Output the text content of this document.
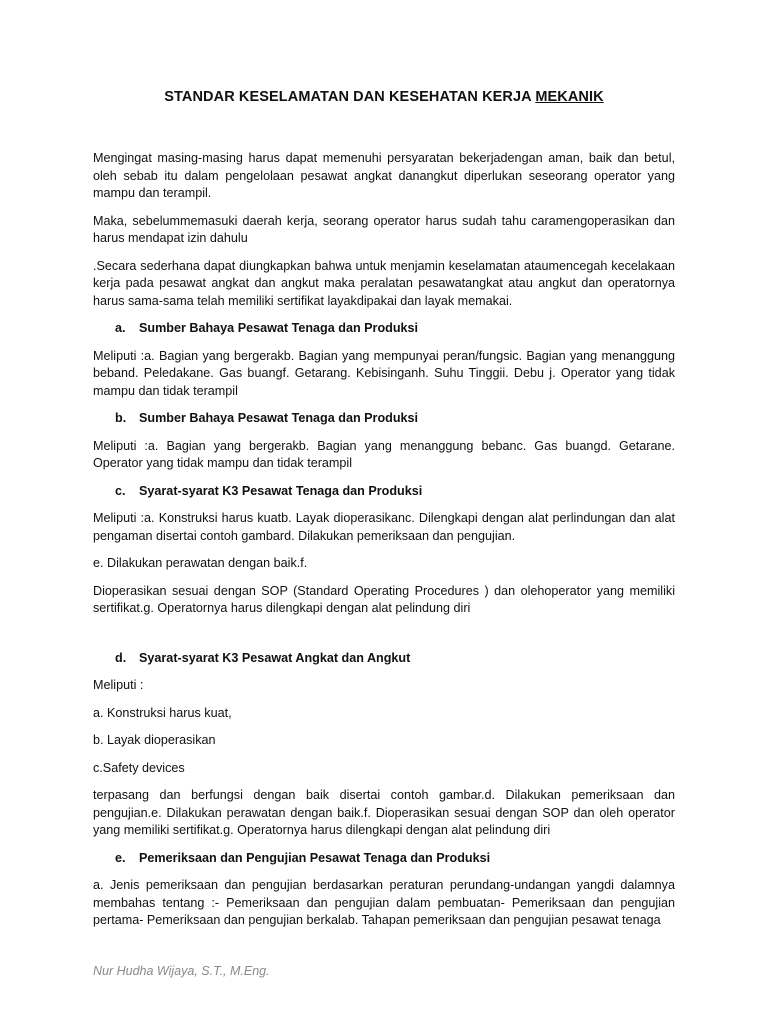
STANDAR KESELAMATAN DAN KESEHATAN KERJA MEKANIK

Mengingat masing-masing harus dapat memenuhi persyaratan bekerjadengan aman, baik dan betul, oleh sebab itu dalam pengelolaan pesawat angkat danangkut diperlukan seseorang operator yang mampu dan terampil.

Maka, sebelummemasuki daerah kerja, seorang operator harus sudah tahu caramengoperasikan dan harus mendapat izin dahulu

.Secara sederhana dapat diungkapkan bahwa untuk menjamin keselamatan ataumencegah kecelakaan kerja pada pesawat angkat dan angkut maka peralatan pesawatangkat atau angkut dan operatornya harus sama-sama telah memiliki sertifikat layakdipakai dan layak memakai.

a.	Sumber Bahaya Pesawat Tenaga dan Produksi

Meliputi :a. Bagian yang bergerakb. Bagian yang mempunyai peran/fungsic. Bagian yang menanggung beband. Peledakane. Gas buangf. Getarang. Kebisinganh. Suhu Tinggii. Debu j. Operator yang tidak mampu dan tidak terampil

b.	Sumber Bahaya Pesawat Tenaga dan Produksi

Meliputi :a. Bagian yang bergerakb. Bagian yang menanggung bebanc. Gas buangd. Getarane. Operator yang tidak mampu dan tidak terampil

c.	Syarat-syarat K3 Pesawat Tenaga dan Produksi

Meliputi :a. Konstruksi harus kuatb. Layak dioperasikanc. Dilengkapi dengan alat perlindungan dan alat pengaman disertai contoh gambard. Dilakukan pemeriksaan dan pengujian.

e. Dilakukan perawatan dengan baik.f.

Dioperasikan sesuai dengan SOP (Standard Operating Procedures ) dan olehoperator yang memiliki sertifikat.g. Operatornya harus dilengkapi dengan alat pelindung diri

d.	Syarat-syarat K3 Pesawat Angkat dan Angkut

Meliputi :

a. Konstruksi harus kuat,

b. Layak dioperasikan

c.Safety devices

terpasang dan berfungsi dengan baik disertai contoh gambar.d. Dilakukan pemeriksaan dan pengujian.e. Dilakukan perawatan dengan baik.f. Dioperasikan sesuai dengan SOP dan oleh operator yang memiliki sertifikat.g. Operatornya harus dilengkapi dengan alat pelindung diri

e.	Pemeriksaan dan Pengujian Pesawat Tenaga dan Produksi

a. Jenis pemeriksaan dan pengujian berdasarkan peraturan perundang-undangan yangdi dalamnya membahas tentang :- Pemeriksaan dan pengujian dalam pembuatan- Pemeriksaan dan pengujian pertama- Pemeriksaan dan pengujian berkalab. Tahapan pemeriksaan dan pengujian pesawat tenaga

Nur Hudha Wijaya, S.T., M.Eng.
